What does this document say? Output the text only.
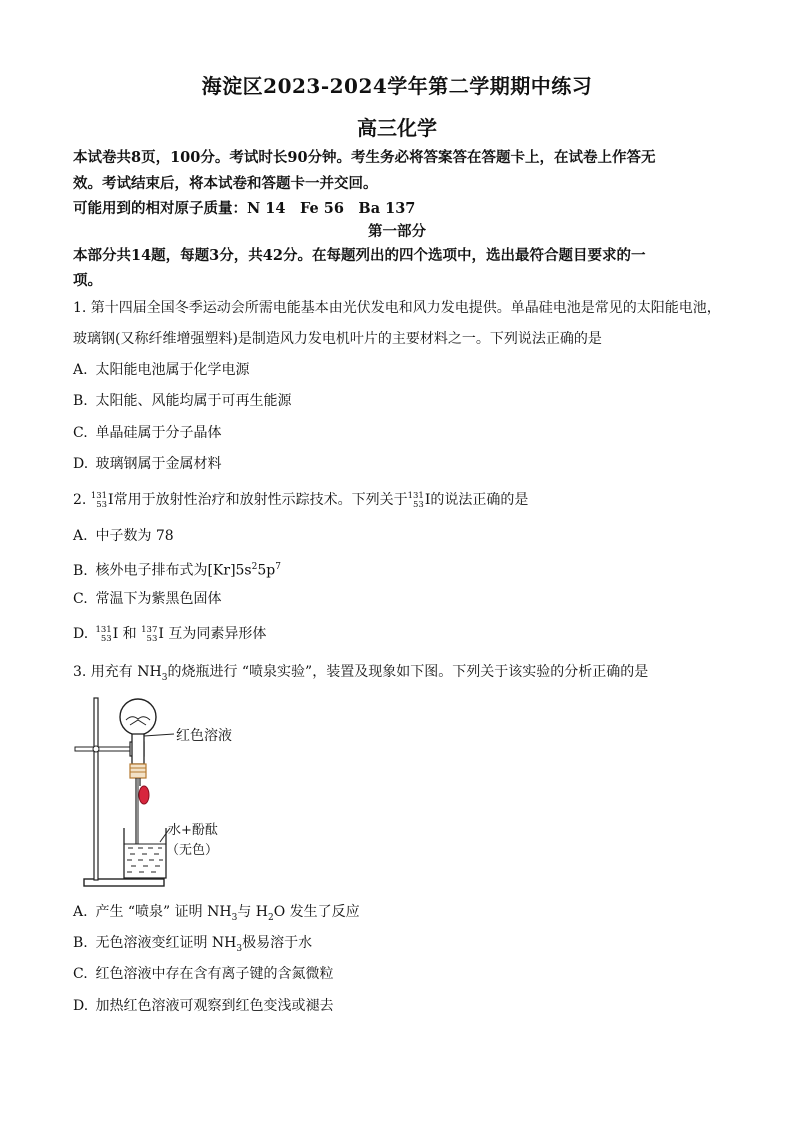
海淀区2023-2024学年第二学期期中练习
高三化学
本试卷共8页，100分。考试时长90分钟。考生务必将答案答在答题卡上，在试卷上作答无
效。考试结束后，将本试卷和答题卡一并交回。
可能用到的相对原子质量：N 14　Fe 56　Ba 137
第一部分
本部分共14题，每题3分，共42分。在每题列出的四个选项中，选出最符合题目要求的一
项。
1. 第十四届全国冬季运动会所需电能基本由光伏发电和风力发电提供。单晶硅电池是常见的太阳能电池，
玻璃钢(又称纤维增强塑料)是制造风力发电机叶片的主要材料之一。下列说法正确的是
A. 太阳能电池属于化学电源
B. 太阳能、风能均属于可再生能源
C. 单晶硅属于分子晶体
D. 玻璃钢属于金属材料
2. 131
53 I常用于放射性治疗和放射性示踪技术。下列关于 131
53 I的说法正确的是
A. 中子数为 78
B. 核外电子排布式为$[Kr]5s^25p^7$
C. 常温下为紫黑色固体
D. 131
53 I 和 137
53 I 互为同素异形体
3. 用充有 $NH_3$的烧瓶进行 “喷泉实验”，装置及现象如下图。下列关于该实验的分析正确的是
红色溶液
水+酚酞
（无色）
A. 产生 “喷泉” 证明 $NH_3$与 $H_2O$ 发生了反应
B. 无色溶液变红证明 $NH_3$极易溶于水
C. 红色溶液中存在含有离子键的含氮微粒
D. 加热红色溶液可观察到红色变浅或褪去
